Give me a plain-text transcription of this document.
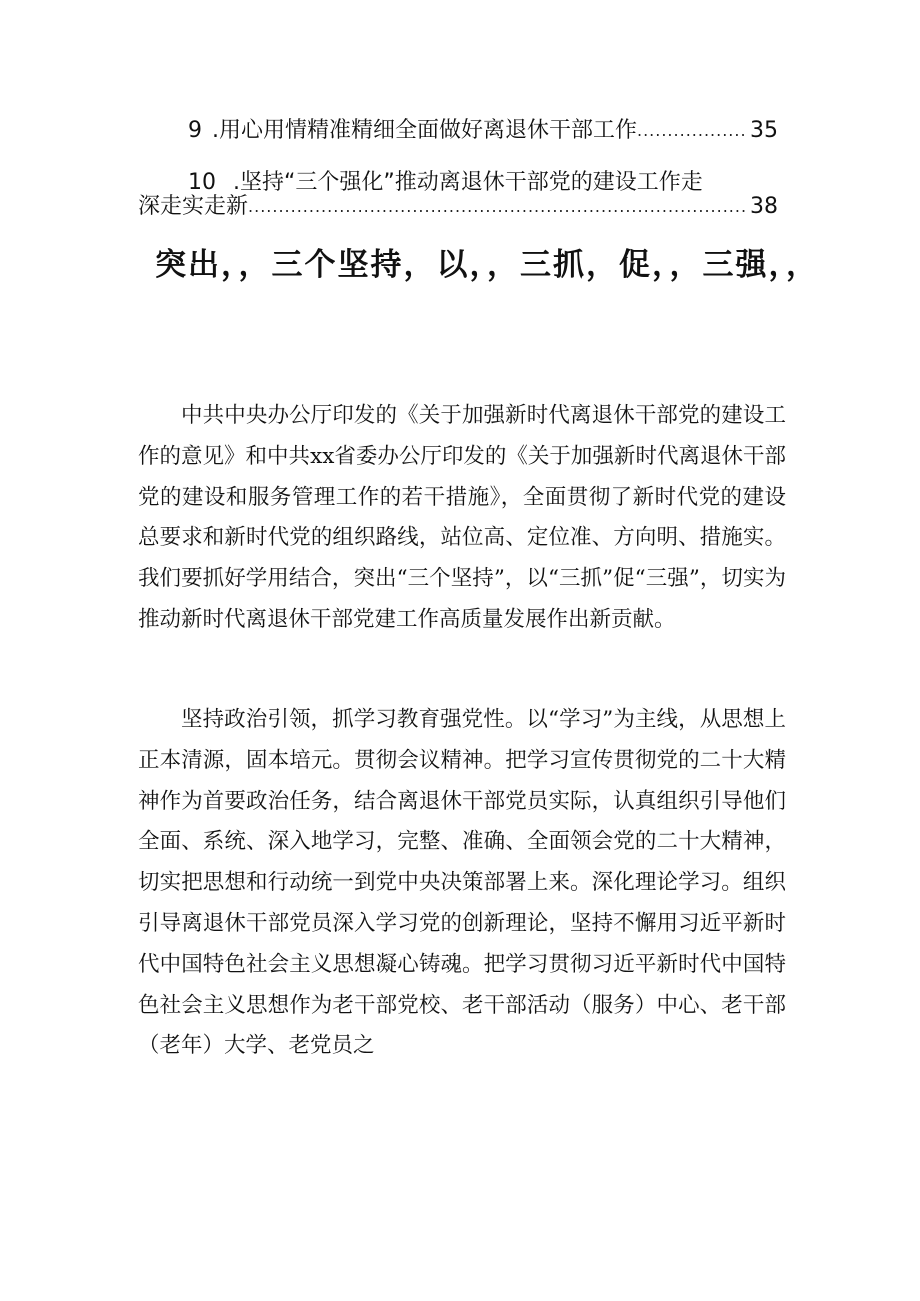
9 .用心用情精准精细全面做好离退休干部工作 .....	35
10 .坚持“三个强化”推动离退休干部党的建设工作走
深走实走新 .....	38
突出，，三个坚持，以，，三抓，促，，三强，，

中共中央办公厅印发的《关于加强新时代离退休干部党的建设工作的意见》和中共xx省委办公厅印发的《关于加强新时代离退休干部党的建设和服务管理工作的若干措施》，全面贯彻了新时代党的建设总要求和新时代党的组织路线，站位高、定位准、方向明、措施实。我们要抓好学用结合，突出“三个坚持”，以“三抓”促“三强”，切实为推动新时代离退休干部党建工作高质量发展作出新贡献。

坚持政治引领，抓学习教育强党性。以“学习”为主线，从思想上正本清源，固本培元。贯彻会议精神。把学习宣传贯彻党的二十大精神作为首要政治任务，结合离退休干部党员实际，认真组织引导他们全面、系统、深入地学习，完整、准确、全面领会党的二十大精神，切实把思想和行动统一到党中央决策部署上来。深化理论学习。组织引导离退休干部党员深入学习党的创新理论，坚持不懈用习近平新时代中国特色社会主义思想凝心铸魂。把学习贯彻习近平新时代中国特色社会主义思想作为老干部党校、老干部活动（服务）中心、老干部（老年）大学、老党员之
